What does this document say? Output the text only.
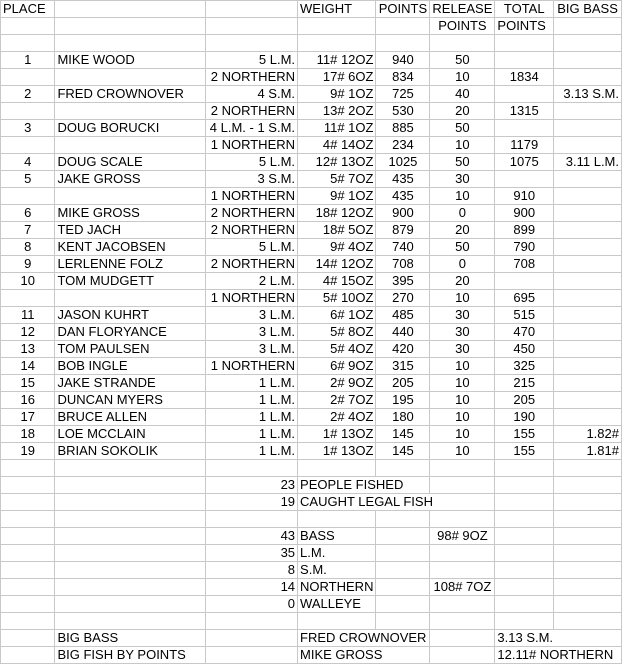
PLACE			WEIGHT	POINTS	RELEASE	TOTAL	BIG BASS
					POINTS	POINTS	

1	MIKE WOOD	5 L.M.	11# 12OZ	940	50		
		2 NORTHERN	17# 6OZ	834	10	1834	
2	FRED CROWNOVER	4 S.M.	9# 1OZ	725	40		3.13 S.M.
		2 NORTHERN	13# 2OZ	530	20	1315	
3	DOUG BORUCKI	4 L.M. - 1 S.M.	11# 1OZ	885	50		
		1 NORTHERN	4# 14OZ	234	10	1179	
4	DOUG SCALE	5 L.M.	12# 13OZ	1025	50	1075	3.11 L.M.
5	JAKE GROSS	3 S.M.	5# 7OZ	435	30		
		1 NORTHERN	9# 1OZ	435	10	910	
6	MIKE GROSS	2 NORTHERN	18# 12OZ	900	0	900	
7	TED JACH	2 NORTHERN	18# 5OZ	879	20	899	
8	KENT JACOBSEN	5 L.M.	9# 4OZ	740	50	790	
9	LERLENNE FOLZ	2 NORTHERN	14# 12OZ	708	0	708	
10	TOM MUDGETT	2 L.M.	4# 15OZ	395	20		
		1 NORTHERN	5# 10OZ	270	10	695	
11	JASON KUHRT	3 L.M.	6# 1OZ	485	30	515	
12	DAN FLORYANCE	3 L.M.	5# 8OZ	440	30	470	
13	TOM PAULSEN	3 L.M.	5# 4OZ	420	30	450	
14	BOB INGLE	1 NORTHERN	6# 9OZ	315	10	325	
15	JAKE STRANDE	1 L.M.	2# 9OZ	205	10	215	
16	DUNCAN MYERS	1 L.M.	2# 7OZ	195	10	205	
17	BRUCE ALLEN	1 L.M.	2# 4OZ	180	10	190	
18	LOE MCCLAIN	1 L.M.	1# 13OZ	145	10	155	1.82#
19	BRIAN SOKOLIK	1 L.M.	1# 13OZ	145	10	155	1.81#

		23	PEOPLE FISHED				
		19	CAUGHT LEGAL FISH				

		43	BASS		98# 9OZ		
		35	L.M.				
		8	S.M.				
		14	NORTHERN		108# 7OZ		
		0	WALLEYE				

	BIG BASS		FRED CROWNOVER			3.13 S.M.	
	BIG FISH BY POINTS		MIKE GROSS			12.11# NORTHERN	
